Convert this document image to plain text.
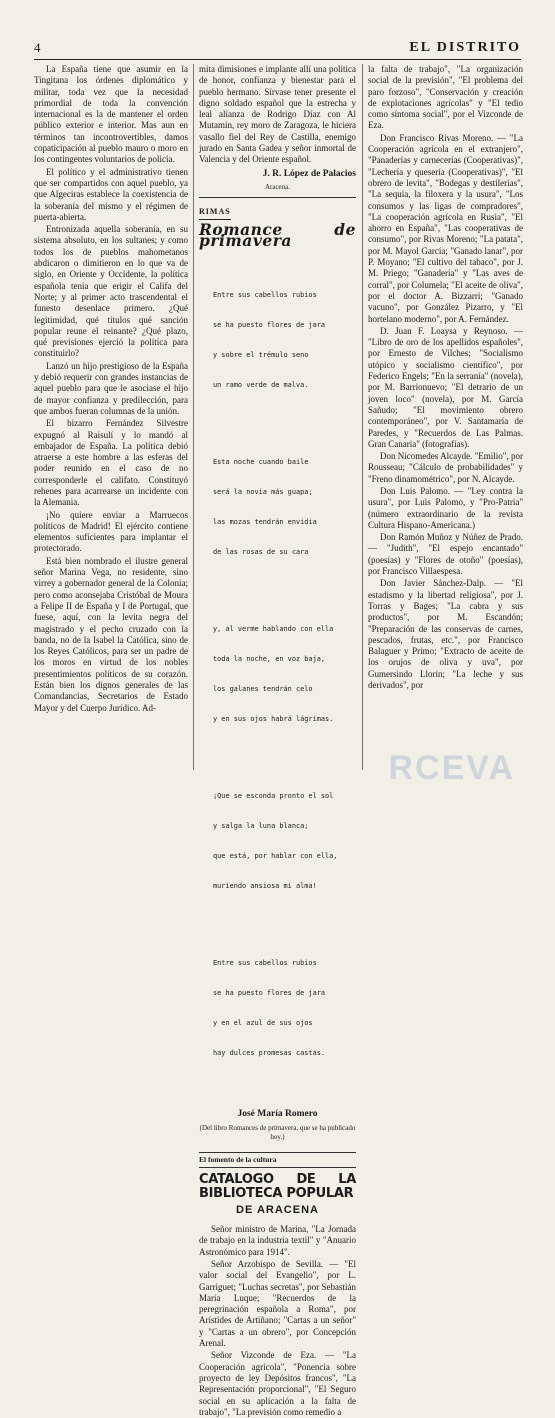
4	EL DISTRITO

La España tiene que asumir en la Tingitana los órdenes diplomático y militar, toda vez que la necesidad primordial de toda la convención internacional es la de mantener el orden público exterior e interior. Mas aun en términos tan incontrovertibles, damos copaticipación al pueblo mauro o moro en los contingentes voluntarios de policía.

El político y el administrativo tienen que ser compartidos con aquel pueblo, ya que Algeciras establece la coexistencia de la soberanía del mismo y el régimen de puerta-abierta.

Entronizada aquella soberanía, en su sistema absoluto, en los sultanes; y como todos los de pueblos mahometanos abdicaron o dimitieron en lo que va de siglo, en Oriente y Occidente, la política española tenía que erigir el Califa del Norte; y al primer acto trascendental el funesto desenlace primero. ¿Qué legitimidad, qué títulos qué sanción popular reune el reinante? ¿Qué plazo, qué previsiones ejerció la política para constituirlo?

Lanzó un hijo prestigioso de la España y debió requerir con grandes instancias de aquel pueblo para que le asociase el hijo de mayor confianza y predilección, para que ambos fueran columnas de la unión.

El bizarro Fernández Silvestre expugnó al Raisulí y lo mandó al embajador de España. La política debió atraerse a este hombre a las esferas del poder reunido en el caso de no corresponderle el califato. Constituyó rehenes para acarrearse un incidente con la Alemania.

¡No quiere enviar a Marruecos políticos de Madrid! El ejército contiene elementos suficientes para implantar el protectorado.

Está bien nombrado el ilustre general señor Marina Vega, no residente, sino virrey a gobernador general de la Colonia; pero como aconsejaba Cristóbal de Moura a Felipe II de España y I de Portugal, que fuese, aquí, con la levita negra del magistrado y el pecho cruzado con la banda, no de la Isabel la Católica, sino de los Reyes Católicos, para ser un padre de los moros en virtud de los nobles presentimientos políticos de su corazón. Están bien los dignos generales de las Comandancias, Secretarios de Estado Mayor y del Cuerpo Jurídico. Ad-

mita dimisiones e implante allí una política de honor, confianza y bienestar para el pueblo hermano. Sírvase tener presente el digno soldado español que la estrecha y leal alianza de Rodrigo Díaz con Al Mutamin, rey moro de Zaragoza, le hiciera vasallo fiel del Rey de Castilla, enemigo jurado en Santa Gadea y señor inmortal de Valencia y del Oriente español.

J. R. López de Palacios
Aracena.
RIMAS
Romance de primavera

Entre sus cabellos rubios

se ha puesto flores de jara

y sobre el trémulo seno

un ramo verde de malva.

Esta noche cuando baile

será la novia más guapa;

las mozas tendrán envidia

de las rosas de su cara

y, al verme hablando con ella

toda la noche, en voz baja,

los galanes tendrán celo

y en sus ojos habrá lágrimas.

¡Que se esconda pronto el sol

y salga la luna blanca;

que está, por hablar con ella,

muriendo ansiosa mi alma!

Entre sus cabellos rubios

se ha puesto flores de jara

y en el azul de sus ojos

hay dulces promesas castas.

José María Romero
(Del libro Romances de primavera, que se ha publicado hoy.)
El fomento de la cultura
CATALOGO DE LA BIBLIOTECA POPULAR
DE ARACENA

Señor ministro de Marina, "La Jornada de trabajo en la industria textil" y "Anuario Astronómico para 1914".

Señor Arzobispo de Sevilla. — "El valor social del Evangelio", por L. Garriguet; "Luchas secretas", por Sebastián María Luque; "Recuerdos de la peregrinación española a Roma", por Arístides de Artiñano; "Cartas a un señor" y "Cartas a un obrero", por Concepción Arenal.

Señor Vizconde de Eza. — "La Cooperación agrícola", "Ponencia sobre proyecto de ley Depósitos francos", "La Representación proporcional", "El Seguro social en su aplicación a la falta de trabajo", "La previsión como remedio a

la falta de trabajo", "La organización social de la previsión", "El problema del paro forzoso", "Conservación y creación de explotaciones agrícolas" y "El tedio como síntoma social", por el Vizconde de Eza.

Don Francisco Rivas Moreno. — "La Cooperación agrícola en el extranjero", "Panaderías y carnecerías (Cooperativas)", "Lechería y quesería (Cooperativas)", "El obrero de levita", "Bodegas y destilerías", "La sequía, la filoxera y la usura", "Los consumos y las ligas de compradores", "La cooperación agrícola en Rusia", "El ahorro en España", "Las cooperativas de consumo", por Rivas Moreno; "La patata", por M. Mayol García; "Ganado lanar", por P. Moyano; "El cultivo del tabaco", por J. M. Priego; "Ganadería" y "Las aves de corral", por Columela; "El aceite de oliva", por el doctor A. Bizzarri; "Ganado vacuno", por González Pizarro, y "El hortelano moderno", por A. Fernández.

D. Juan F. Loaysa y Reynoso. — "Libro de oro de los apellidos españoles", por Ernesto de Vilches; "Socialismo utópico y socialismo científico", por Federico Engels; "En la serranía" (novela), por M. Barrionuevo; "El detrario de un joven loco" (novela), por M. García Sañudo; "El movimiento obrero contemporáneo", por V. Santamaría de Paredes, y "Recuerdos de Las Palmas. Gran Canaria" (fotografías).

Don Nicomedes Alcayde. "Emilio", por Rousseau; "Cálculo de probabilidades" y "Freno dinamométrico", por N. Alcayde.

Don Luis Palomo. — "Ley contra la usura", por Luis Palomo, y "Pro-Patria" (número extraordinario de la revista Cultura Hispano-Americana.)

Don Ramón Muñoz y Núñez de Prado. — "Judith", "El espejo encantado" (poesías) y "Flores de otoño" (poesías), por Francisco Villaespesa.

Don Javier Sánchez-Dalp. — "El estadismo y la libertad religiosa", por J. Torras y Bages; "La cabra y sus productos", por M. Escandón; "Preparación de las conservas de carnes, pescados, frutas, etc.", por Francisco Balaguer y Primo; "Extracto de aceite de los orujos de oliva y uva", por Gumersindo Llorín; "La leche y sus derivados", por

RCEVA
